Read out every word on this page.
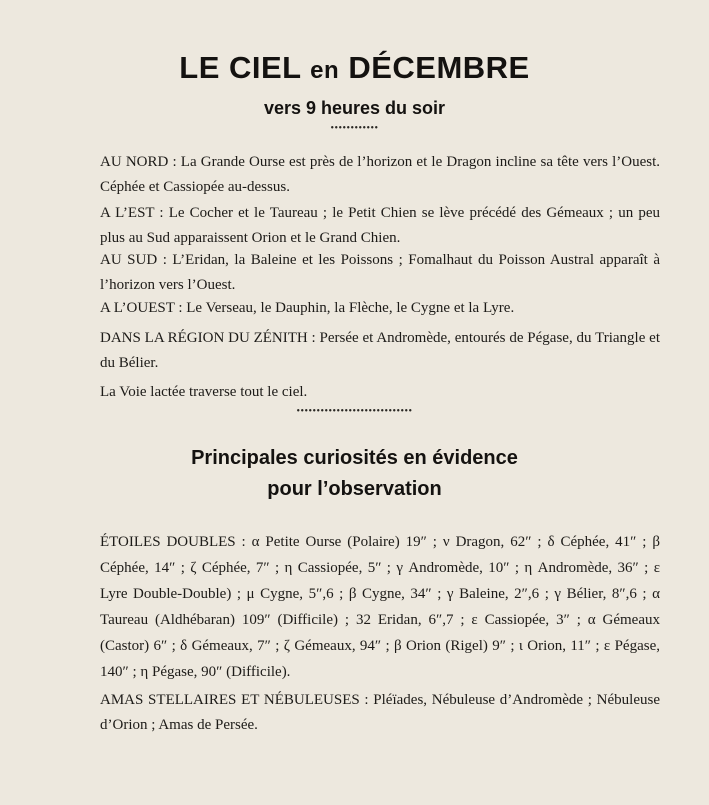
LE CIEL en DÉCEMBRE
vers 9 heures du soir
••••••••••••

AU NORD : La Grande Ourse est près de l’horizon et le Dragon incline sa tête vers l’Ouest. Céphée et Cassiopée au-dessus.

A L’EST : Le Cocher et le Taureau ; le Petit Chien se lève précédé des Gémeaux ; un peu plus au Sud apparaissent Orion et le Grand Chien.

AU SUD : L’Eridan, la Baleine et les Poissons ; Fomalhaut du Poisson Austral apparaît à l’horizon vers l’Ouest.

A L’OUEST : Le Verseau, le Dauphin, la Flèche, le Cygne et la Lyre.

DANS LA RÉGION DU ZÉNITH : Persée et Andromède, entourés de Pégase, du Triangle et du Bélier.

La Voie lactée traverse tout le ciel.

•••••••••••••••••••••••••••••
Principales curiosités en évidence
pour l’observation

ÉTOILES DOUBLES : α Petite Ourse (Polaire) 19″ ; ν Dragon, 62″ ; δ Céphée, 41″ ; β Céphée, 14″ ; ζ Céphée, 7″ ; η Cassiopée, 5″ ; γ Andromède, 10″ ; η Andromède, 36″ ; ε Lyre Double-Double) ; μ Cygne, 5″,6 ; β Cygne, 34″ ; γ Baleine, 2″,6 ; γ Bélier, 8″,6 ; α Taureau (Aldhébaran) 109″ (Difficile) ; 32 Eridan, 6″,7 ; ε Cassiopée, 3″ ; α Gémeaux (Castor) 6″ ; δ Gémeaux, 7″ ; ζ Gémeaux, 94″ ; β Orion (Rigel) 9″ ; ι Orion, 11″ ; ε Pégase, 140″ ; η Pégase, 90″ (Difficile).

AMAS STELLAIRES ET NÉBULEUSES : Pléïades, Nébuleuse d’Andromède ; Nébuleuse d’Orion ; Amas de Persée.
